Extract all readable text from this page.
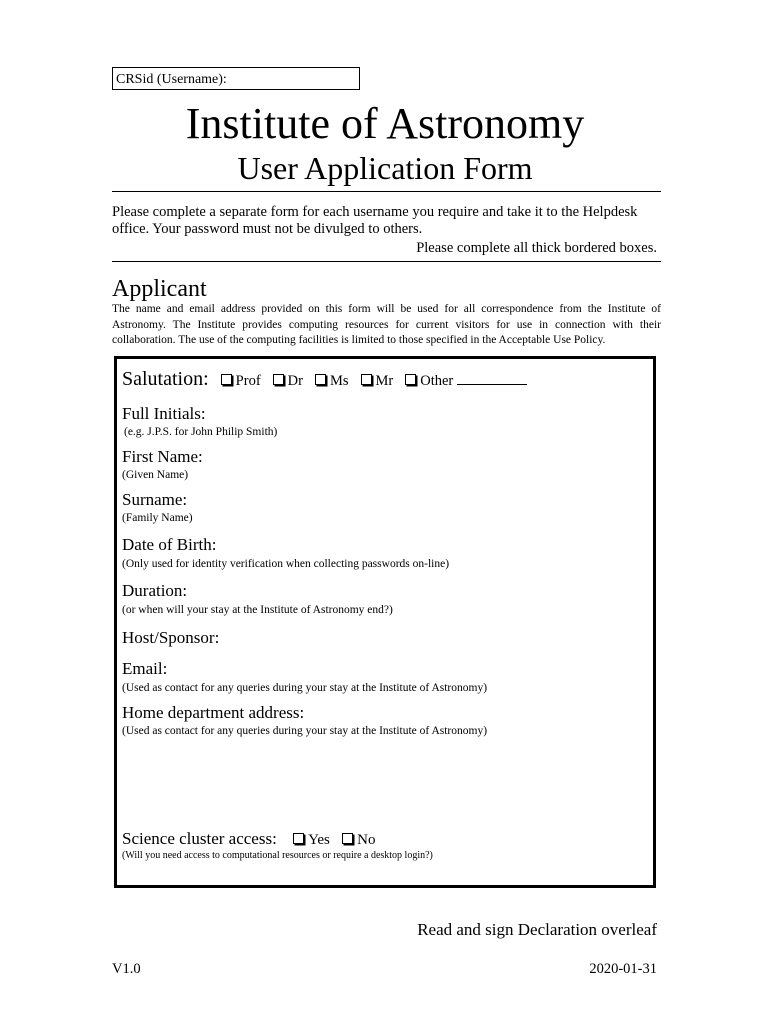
CRSid (Username):
Institute of Astronomy
User Application Form
Please complete a separate form for each username you require and take it to the Helpdesk office. Your password must not be divulged to others.
Please complete all thick bordered boxes.
Applicant
The name and email address provided on this form will be used for all correspondence from the Institute of Astronomy. The Institute provides computing resources for current visitors for use in connection with their collaboration. The use of the computing facilities is limited to those specified in the Acceptable Use Policy.
Salutation: Prof Dr Ms Mr Other
Full Initials:
(e.g. J.P.S. for John Philip Smith)
First Name:
(Given Name)
Surname:
(Family Name)
Date of Birth:
(Only used for identity verification when collecting passwords on-line)
Duration:
(or when will your stay at the Institute of Astronomy end?)
Host/Sponsor:
Email:
(Used as contact for any queries during your stay at the Institute of Astronomy)
Home department address:
(Used as contact for any queries during your stay at the Institute of Astronomy)
Science cluster access: Yes No
(Will you need access to computational resources or require a desktop login?)
Read and sign Declaration overleaf
V1.0	2020-01-31
